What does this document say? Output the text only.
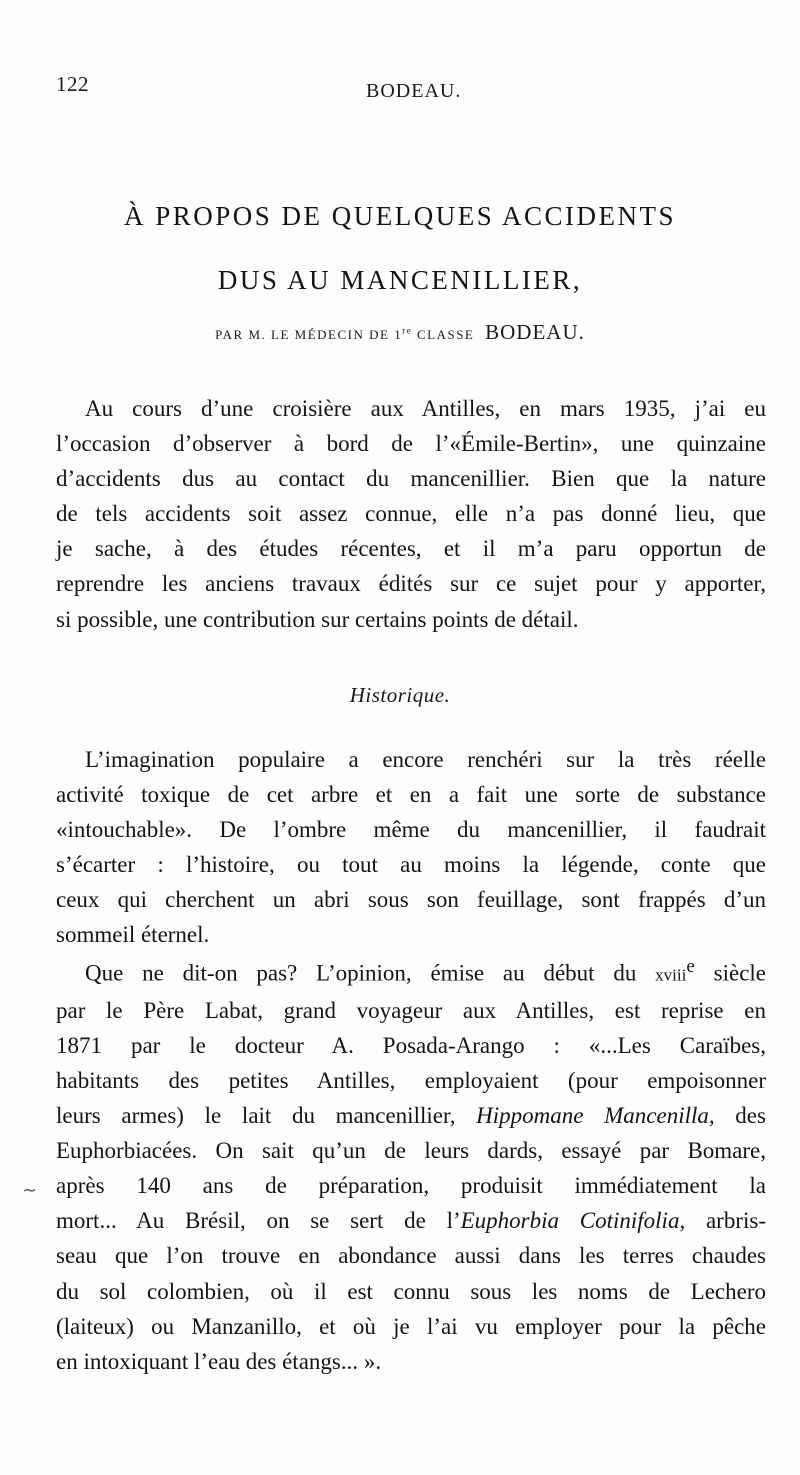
122	BODEAU.
À PROPOS DE QUELQUES ACCIDENTS
DUS AU MANCENILLIER,
PAR M. LE MÉDECIN DE 1re CLASSE BODEAU.
Au cours d’une croisière aux Antilles, en mars 1935, j’ai eu
l’occasion d’observer à bord de l’«Émile-Bertin», une quinzaine
d’accidents dus au contact du mancenillier. Bien que la nature
de tels accidents soit assez connue, elle n’a pas donné lieu, que
je sache, à des études récentes, et il m’a paru opportun de
reprendre les anciens travaux édités sur ce sujet pour y apporter,
si possible, une contribution sur certains points de détail.
Historique.
L’imagination populaire a encore renchéri sur la très réelle
activité toxique de cet arbre et en a fait une sorte de substance
«intouchable». De l’ombre même du mancenillier, il faudrait
s’écarter : l’histoire, ou tout au moins la légende, conte que
ceux qui cherchent un abri sous son feuillage, sont frappés d’un
sommeil éternel.
Que ne dit-on pas? L’opinion, émise au début du xviii$^e$ siècle
par le Père Labat, grand voyageur aux Antilles, est reprise en
1871 par le docteur A. Posada-Arango : «...Les Caraïbes,
habitants des petites Antilles, employaient (pour empoisonner
leurs armes) le lait du mancenillier, Hippomane Mancenilla, des
Euphorbiacées. On sait qu’un de leurs dards, essayé par Bomare,
après 140 ans de préparation, produisit immédiatement la
mort... Au Brésil, on se sert de l’Euphorbia Cotinifolia, arbris-
seau que l’on trouve en abondance aussi dans les terres chaudes
du sol colombien, où il est connu sous les noms de Lechero
(laiteux) ou Manzanillo, et où je l’ai vu employer pour la pêche
en intoxiquant l’eau des étangs... ».
∼
